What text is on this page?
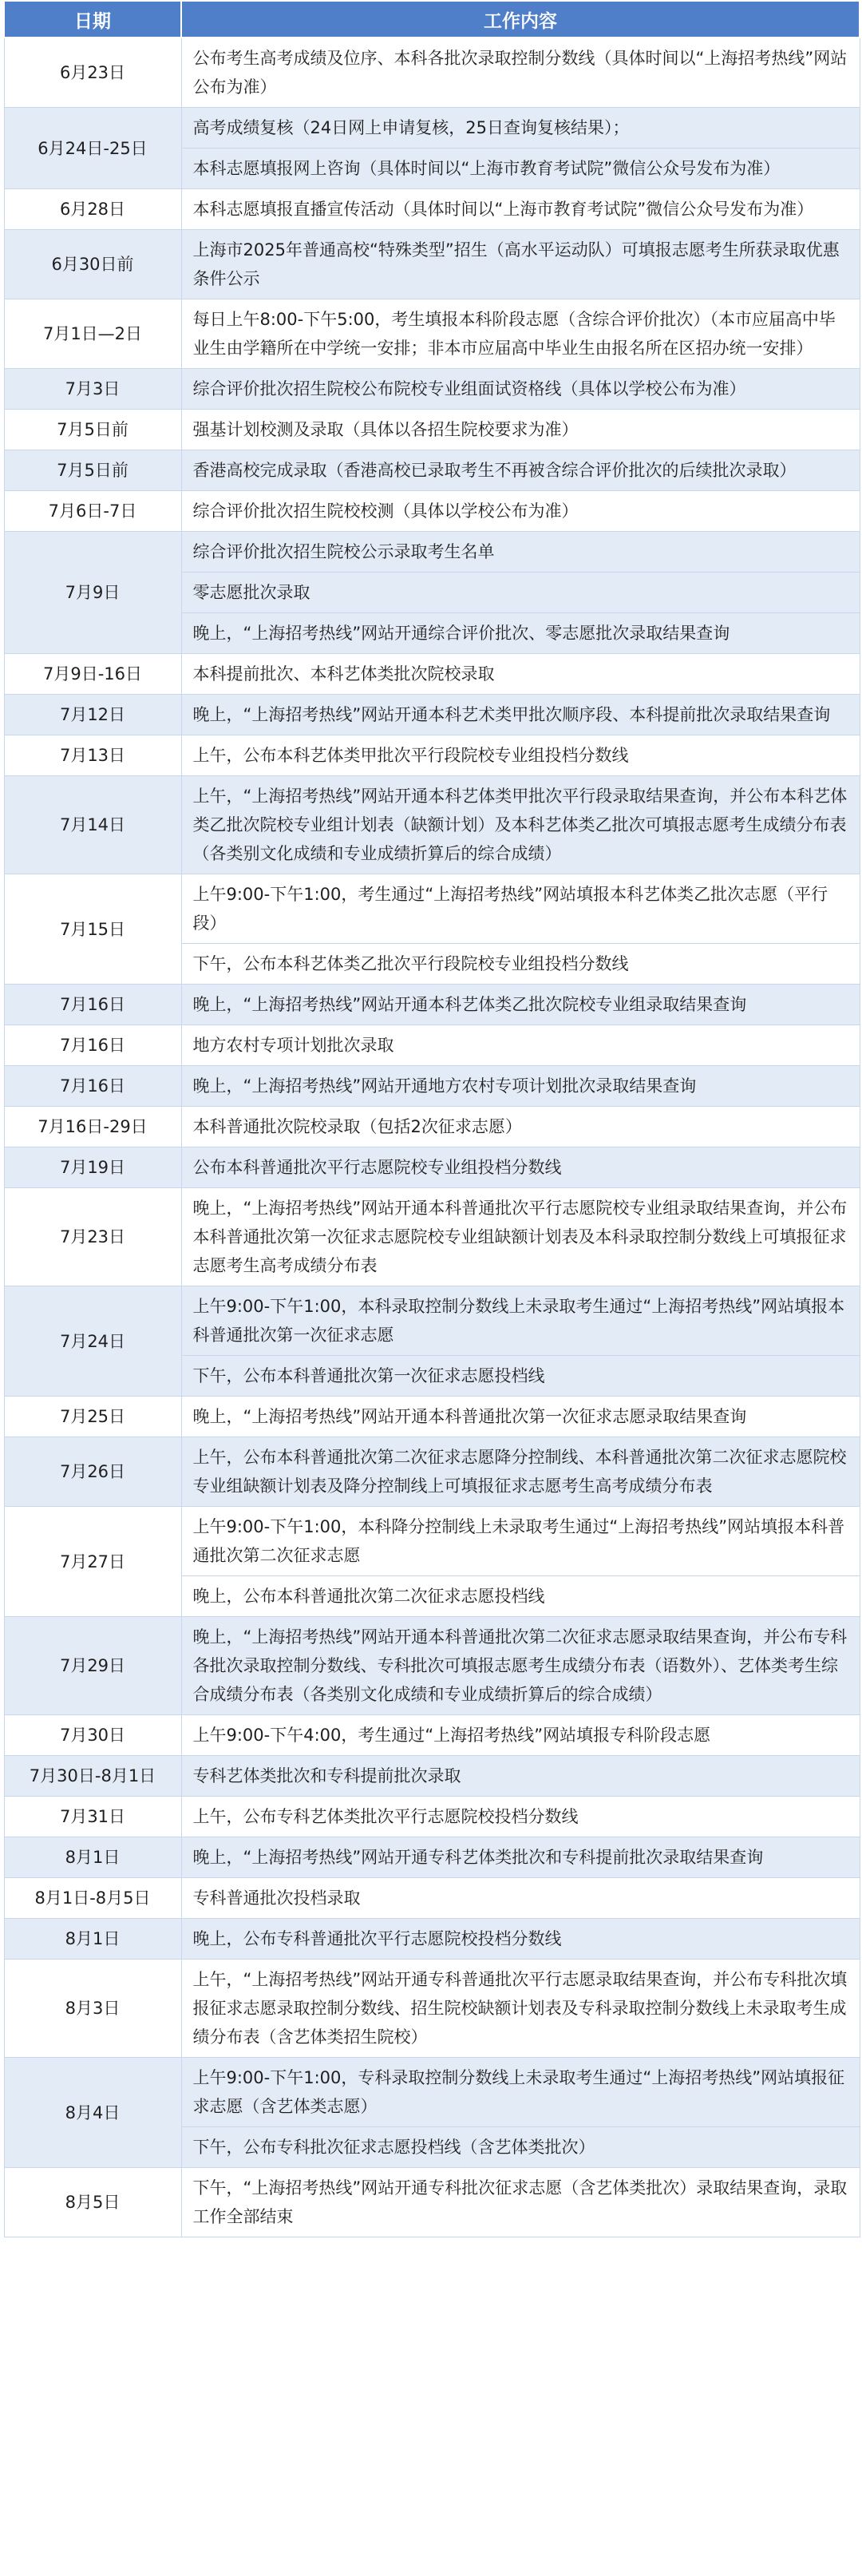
日期	工作内容
6月23日	公布考生高考成绩及位序、本科各批次录取控制分数线（具体时间以“上海招考热线”网站公布为准）
6月24日-25日	高考成绩复核（24日网上申请复核，25日查询复核结果）；
本科志愿填报网上咨询（具体时间以“上海市教育考试院”微信公众号发布为准）

6月28日	本科志愿填报直播宣传活动（具体时间以“上海市教育考试院”微信公众号发布为准）
6月30日前	上海市2025年普通高校“特殊类型”招生（高水平运动队）可填报志愿考生所获录取优惠条件公示
7月1日—2日	每日上午8:00-下午5:00，考生填报本科阶段志愿（含综合评价批次）（本市应届高中毕业生由学籍所在中学统一安排；非本市应届高中毕业生由报名所在区招办统一安排）
7月3日	综合评价批次招生院校公布院校专业组面试资格线（具体以学校公布为准）
7月5日前	强基计划校测及录取（具体以各招生院校要求为准）
7月5日前	香港高校完成录取（香港高校已录取考生不再被含综合评价批次的后续批次录取）
7月6日-7日	综合评价批次招生院校校测（具体以学校公布为准）
7月9日	综合评价批次招生院校公示录取考生名单
零志愿批次录取
晚上，“上海招考热线”网站开通综合评价批次、零志愿批次录取结果查询

7月9日-16日	本科提前批次、本科艺体类批次院校录取
7月12日	晚上，“上海招考热线”网站开通本科艺术类甲批次顺序段、本科提前批次录取结果查询
7月13日	上午，公布本科艺体类甲批次平行段院校专业组投档分数线
7月14日	上午，“上海招考热线”网站开通本科艺体类甲批次平行段录取结果查询，并公布本科艺体类乙批次院校专业组计划表（缺额计划）及本科艺体类乙批次可填报志愿考生成绩分布表（各类别文化成绩和专业成绩折算后的综合成绩）
7月15日	上午9:00-下午1:00，考生通过“上海招考热线”网站填报本科艺体类乙批次志愿（平行段）
下午，公布本科艺体类乙批次平行段院校专业组投档分数线

7月16日	晚上，“上海招考热线”网站开通本科艺体类乙批次院校专业组录取结果查询
7月16日	地方农村专项计划批次录取
7月16日	晚上，“上海招考热线”网站开通地方农村专项计划批次录取结果查询
7月16日-29日	本科普通批次院校录取（包括2次征求志愿）
7月19日	公布本科普通批次平行志愿院校专业组投档分数线
7月23日	晚上，“上海招考热线”网站开通本科普通批次平行志愿院校专业组录取结果查询，并公布本科普通批次第一次征求志愿院校专业组缺额计划表及本科录取控制分数线上可填报征求志愿考生高考成绩分布表
7月24日	上午9:00-下午1:00，本科录取控制分数线上未录取考生通过“上海招考热线”网站填报本科普通批次第一次征求志愿
下午，公布本科普通批次第一次征求志愿投档线

7月25日	晚上，“上海招考热线”网站开通本科普通批次第一次征求志愿录取结果查询
7月26日	上午，公布本科普通批次第二次征求志愿降分控制线、本科普通批次第二次征求志愿院校专业组缺额计划表及降分控制线上可填报征求志愿考生高考成绩分布表
7月27日	上午9:00-下午1:00，本科降分控制线上未录取考生通过“上海招考热线”网站填报本科普通批次第二次征求志愿
晚上，公布本科普通批次第二次征求志愿投档线

7月29日	晚上，“上海招考热线”网站开通本科普通批次第二次征求志愿录取结果查询，并公布专科各批次录取控制分数线、专科批次可填报志愿考生成绩分布表（语数外）、艺体类考生综合成绩分布表（各类别文化成绩和专业成绩折算后的综合成绩）
7月30日	上午9:00-下午4:00，考生通过“上海招考热线”网站填报专科阶段志愿
7月30日-8月1日	专科艺体类批次和专科提前批次录取
7月31日	上午，公布专科艺体类批次平行志愿院校投档分数线
8月1日	晚上，“上海招考热线”网站开通专科艺体类批次和专科提前批次录取结果查询
8月1日-8月5日	专科普通批次投档录取
8月1日	晚上，公布专科普通批次平行志愿院校投档分数线
8月3日	上午，“上海招考热线”网站开通专科普通批次平行志愿录取结果查询，并公布专科批次填报征求志愿录取控制分数线、招生院校缺额计划表及专科录取控制分数线上未录取考生成绩分布表（含艺体类招生院校）
8月4日	上午9:00-下午1:00，专科录取控制分数线上未录取考生通过“上海招考热线”网站填报征求志愿（含艺体类志愿）
下午，公布专科批次征求志愿投档线（含艺体类批次）

8月5日	下午，“上海招考热线”网站开通专科批次征求志愿（含艺体类批次）录取结果查询，录取工作全部结束
